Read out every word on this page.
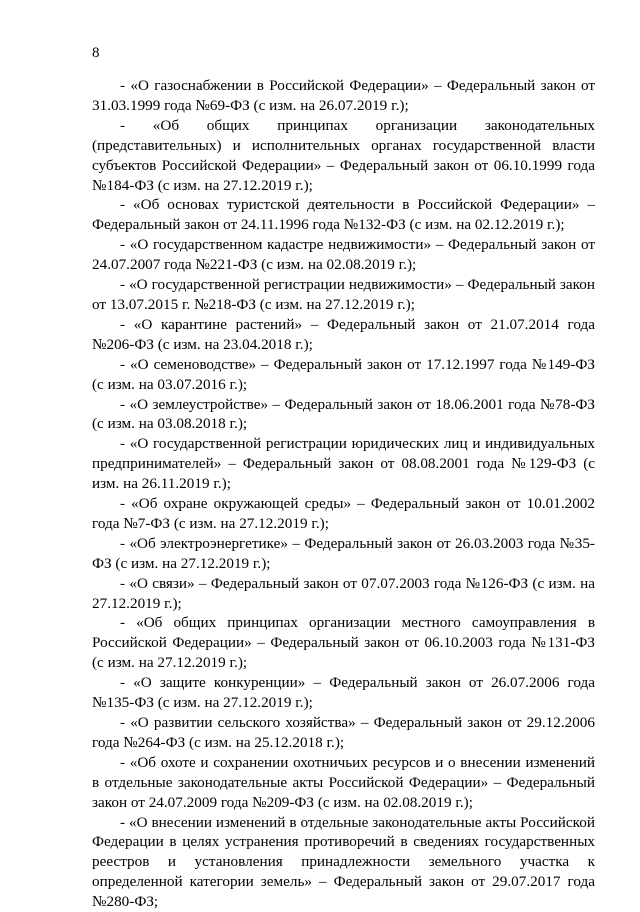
8

- «О газоснабжении в Российской Федерации» – Федеральный закон от 31.03.1999 года №69-ФЗ (с изм. на 26.07.2019 г.);

- «Об общих принципах организации законодательных (представительных) и исполнительных органах государственной власти субъектов Российской Федерации» – Федеральный закон от 06.10.1999 года №184-ФЗ (с изм. на 27.12.2019 г.);

- «Об основах туристской деятельности в Российской Федерации» – Федеральный закон от 24.11.1996 года №132-ФЗ (с изм. на 02.12.2019 г.);

- «О государственном кадастре недвижимости» – Федеральный закон от 24.07.2007 года №221-ФЗ (с изм. на 02.08.2019 г.);

- «О государственной регистрации недвижимости» – Федеральный закон от 13.07.2015 г. №218-ФЗ (с изм. на 27.12.2019 г.);

- «О карантине растений» – Федеральный закон от 21.07.2014 года №206-ФЗ (с изм. на 23.04.2018 г.);

- «О семеноводстве» – Федеральный закон от 17.12.1997 года №149-ФЗ (с изм. на 03.07.2016 г.);

- «О землеустройстве» – Федеральный закон от 18.06.2001 года №78-ФЗ (с изм. на 03.08.2018 г.);

- «О государственной регистрации юридических лиц и индивидуальных предпринимателей» – Федеральный закон от 08.08.2001 года №129-ФЗ (с изм. на 26.11.2019 г.);

- «Об охране окружающей среды» – Федеральный закон от 10.01.2002 года №7-ФЗ (с изм. на 27.12.2019 г.);

- «Об электроэнергетике» – Федеральный закон от 26.03.2003 года №35-ФЗ (с изм. на 27.12.2019 г.);

- «О связи» – Федеральный закон от 07.07.2003 года №126-ФЗ (с изм. на 27.12.2019 г.);

- «Об общих принципах организации местного самоуправления в Российской Федерации» – Федеральный закон от 06.10.2003 года №131-ФЗ (с изм. на 27.12.2019 г.);

- «О защите конкуренции» – Федеральный закон от 26.07.2006 года №135-ФЗ (с изм. на 27.12.2019 г.);

- «О развитии сельского хозяйства» – Федеральный закон от 29.12.2006 года №264-ФЗ (с изм. на 25.12.2018 г.);

- «Об охоте и сохранении охотничьих ресурсов и о внесении изменений в отдельные законодательные акты Российской Федерации» – Федеральный закон от 24.07.2009 года №209-ФЗ (с изм. на 02.08.2019 г.);

- «О внесении изменений в отдельные законодательные акты Российской Федерации в целях устранения противоречий в сведениях государственных реестров и установления принадлежности земельного участка к определенной категории земель» – Федеральный закон от 29.07.2017 года №280-ФЗ;
